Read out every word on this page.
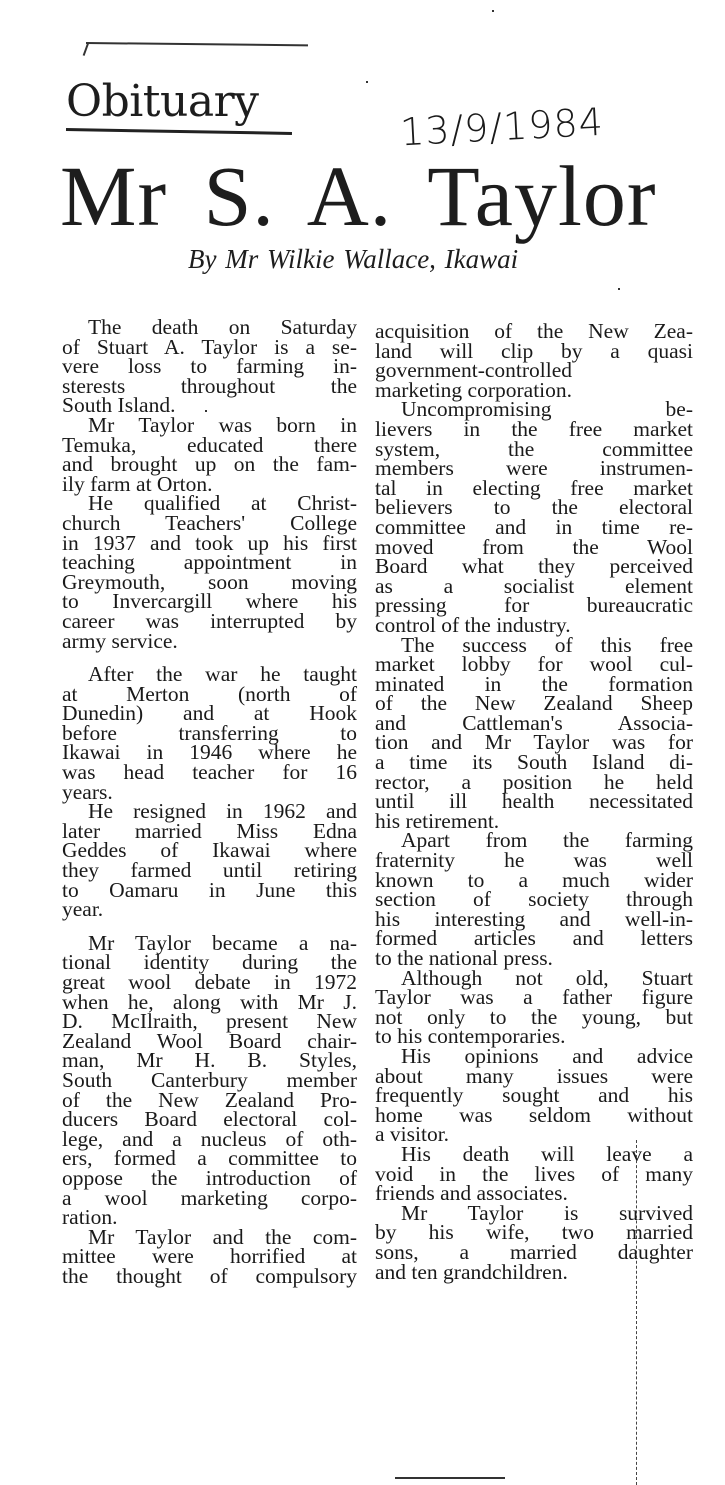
Obituary	13/9/1984
Mr S. A. Taylor
By Mr Wilkie Wallace, Ikawai
The death on Saturday
of Stuart A. Taylor is a se-
vere loss to farming in-
sterests throughout the
South Island.
Mr Taylor was born in
Temuka, educated there
and brought up on the fam-
ily farm at Orton.
He qualified at Christ-
church Teachers' College
in 1937 and took up his first
teaching appointment in
Greymouth, soon moving
to Invercargill where his
career was interrupted by
army service.
After the war he taught
at Merton (north of
Dunedin) and at Hook
before transferring to
Ikawai in 1946 where he
was head teacher for 16
years.
He resigned in 1962 and
later married Miss Edna
Geddes of Ikawai where
they farmed until retiring
to Oamaru in June this
year.
Mr Taylor became a na-
tional identity during the
great wool debate in 1972
when he, along with Mr J.
D. McIlraith, present New
Zealand Wool Board chair-
man, Mr H. B. Styles,
South Canterbury member
of the New Zealand Pro-
ducers Board electoral col-
lege, and a nucleus of oth-
ers, formed a committee to
oppose the introduction of
a wool marketing corpo-
ration.
Mr Taylor and the com-
mittee were horrified at
the thought of compulsory
acquisition of the New Zea-
land will clip by a quasi
government-controlled
marketing corporation.
Uncompromising be-
lievers in the free market
system, the committee
members were instrumen-
tal in electing free market
believers to the electoral
committee and in time re-
moved from the Wool
Board what they perceived
as a socialist element
pressing for bureaucratic
control of the industry.
The success of this free
market lobby for wool cul-
minated in the formation
of the New Zealand Sheep
and Cattleman's Associa-
tion and Mr Taylor was for
a time its South Island di-
rector, a position he held
until ill health necessitated
his retirement.
Apart from the farming
fraternity he was well
known to a much wider
section of society through
his interesting and well-in-
formed articles and letters
to the national press.
Although not old, Stuart
Taylor was a father figure
not only to the young, but
to his contemporaries.
His opinions and advice
about many issues were
frequently sought and his
home was seldom without
a visitor.
His death will leave a
void in the lives of many
friends and associates.
Mr Taylor is survived
by his wife, two married
sons, a married daughter
and ten grandchildren.
